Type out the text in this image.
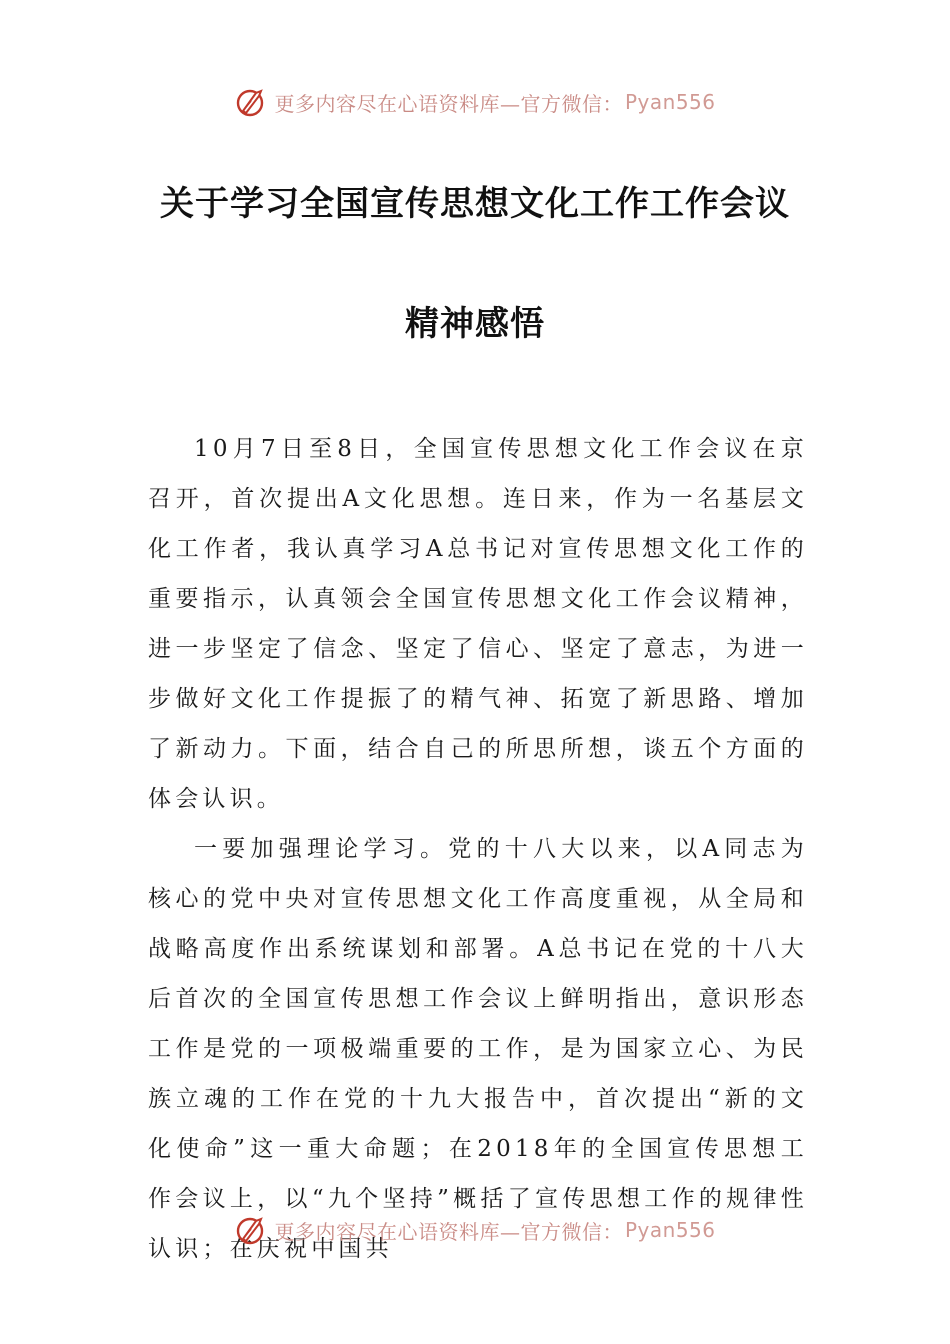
更多内容尽在心语资料库—官方微信： Pyan556
关于学习全国宣传思想文化工作工作会议
精神感悟

10月7日至8日，全国宣传思想文化工作会议在京召开，首次提出A文化思想。连日来，作为一名基层文化工作者，我认真学习A总书记对宣传思想文化工作的重要指示，认真领会全国宣传思想文化工作会议精神，进一步坚定了信念、坚定了信心、坚定了意志，为进一步做好文化工作提振了的精气神、拓宽了新思路、增加了新动力。下面，结合自己的所思所想，谈五个方面的体会认识。

一要加强理论学习。党的十八大以来，以A同志为核心的党中央对宣传思想文化工作高度重视，从全局和战略高度作出系统谋划和部署。A总书记在党的十八大后首次的全国宣传思想工作会议上鲜明指出，意识形态工作是党的一项极端重要的工作，是为国家立心、为民族立魂的工作在党的十九大报告中，首次提出“新的文化使命”这一重大命题；在2018年的全国宣传思想工作会议上，以“九个坚持”概括了宣传思想工作的规律性认识；在庆祝中国共

更多内容尽在心语资料库—官方微信： Pyan556
